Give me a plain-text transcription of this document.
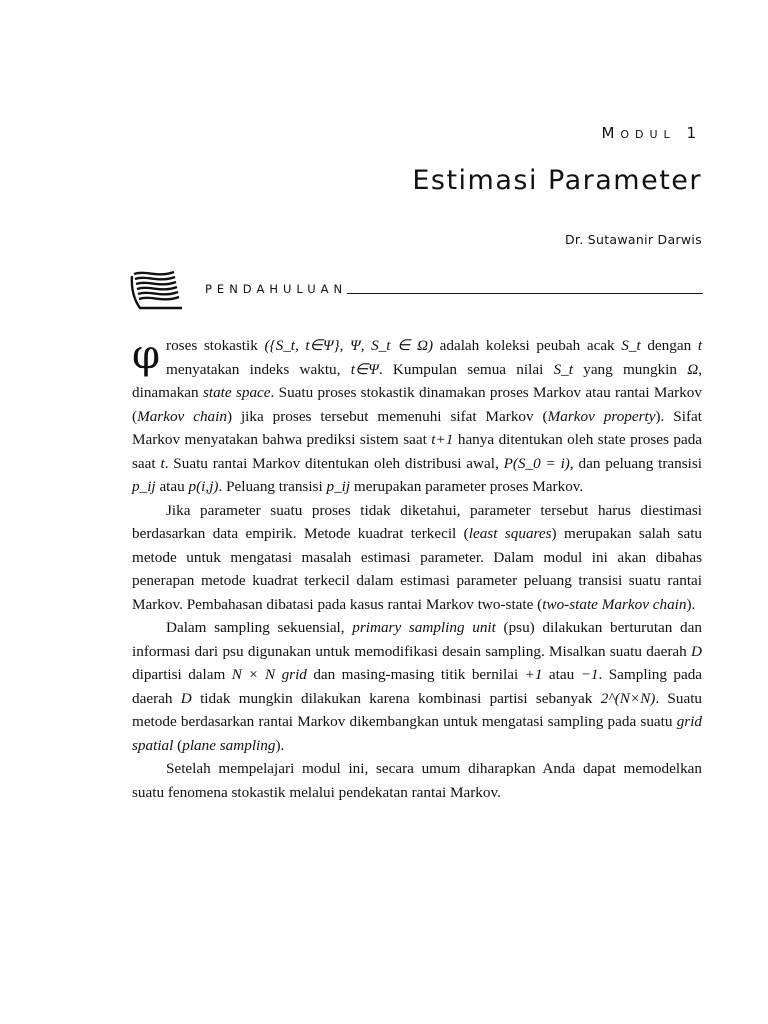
Modul 1
Estimasi Parameter
Dr. Sutawanir Darwis
PENDAHULUAN

φ roses stokastik ({S_t, t∈Ψ}, Ψ, S_t ∈ Ω) adalah koleksi peubah acak S_t dengan t menyatakan indeks waktu, t∈Ψ. Kumpulan semua nilai S_t yang mungkin Ω, dinamakan state space. Suatu proses stokastik dinamakan proses Markov atau rantai Markov (Markov chain) jika proses tersebut memenuhi sifat Markov (Markov property). Sifat Markov menyatakan bahwa prediksi sistem saat t+1 hanya ditentukan oleh state proses pada saat t. Suatu rantai Markov ditentukan oleh distribusi awal, P(S_0 = i), dan peluang transisi p_ij atau p(i,j). Peluang transisi p_ij merupakan parameter proses Markov.

Jika parameter suatu proses tidak diketahui, parameter tersebut harus diestimasi berdasarkan data empirik. Metode kuadrat terkecil (least squares) merupakan salah satu metode untuk mengatasi masalah estimasi parameter. Dalam modul ini akan dibahas penerapan metode kuadrat terkecil dalam estimasi parameter peluang transisi suatu rantai Markov. Pembahasan dibatasi pada kasus rantai Markov two-state (two-state Markov chain).

Dalam sampling sekuensial, primary sampling unit (psu) dilakukan berturutan dan informasi dari psu digunakan untuk memodifikasi desain sampling. Misalkan suatu daerah D dipartisi dalam N × N grid dan masing-masing titik bernilai +1 atau −1. Sampling pada daerah D tidak mungkin dilakukan karena kombinasi partisi sebanyak 2^(N×N). Suatu metode berdasarkan rantai Markov dikembangkan untuk mengatasi sampling pada suatu grid spatial (plane sampling).

Setelah mempelajari modul ini, secara umum diharapkan Anda dapat memodelkan suatu fenomena stokastik melalui pendekatan rantai Markov.
